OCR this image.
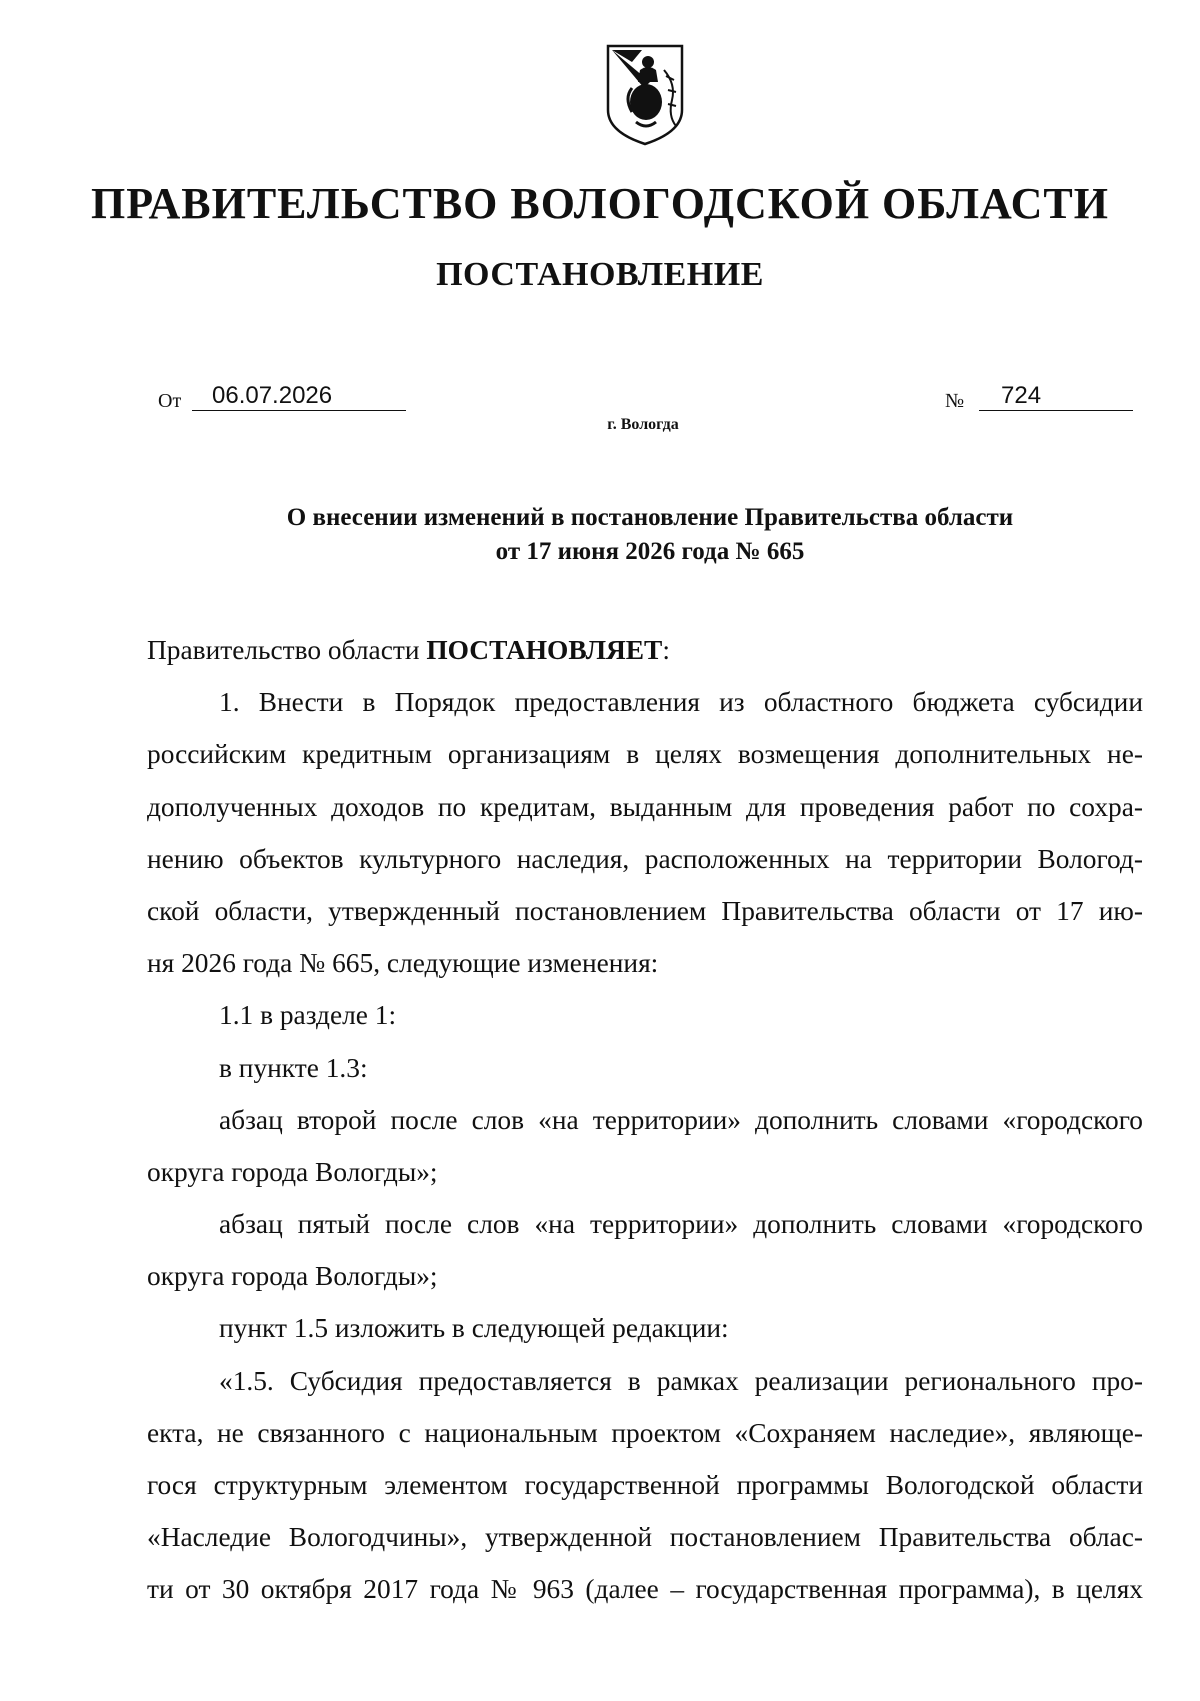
ПРАВИТЕЛЬСТВО ВОЛОГОДСКОЙ ОБЛАСТИ
ПОСТАНОВЛЕНИЕ
От	06.07.2026	№	724
г. Вологда
О внесении изменений в постановление Правительства области
от 17 июня 2026 года № 665
Правительство области ПОСТАНОВЛЯЕТ:
1. Внести в Порядок предоставления из областного бюджета субсидии
российским кредитным организациям в целях возмещения дополнительных не-
дополученных доходов по кредитам, выданным для проведения работ по сохра-
нению объектов культурного наследия, расположенных на территории Вологод-
ской области, утвержденный постановлением Правительства области от 17 ию-
ня 2026 года № 665, следующие изменения:
1.1 в разделе 1:
в пункте 1.3:
абзац второй после слов «на территории» дополнить словами «городского
округа города Вологды»;
абзац пятый после слов «на территории» дополнить словами «городского
округа города Вологды»;
пункт 1.5 изложить в следующей редакции:
«1.5. Субсидия предоставляется в рамках реализации регионального про-
екта, не связанного с национальным проектом «Сохраняем наследие», являюще-
гося структурным элементом государственной программы Вологодской области
«Наследие Вологодчины», утвержденной постановлением Правительства облас-
ти от 30 октября 2017 года № 963 (далее – государственная программа), в целях
